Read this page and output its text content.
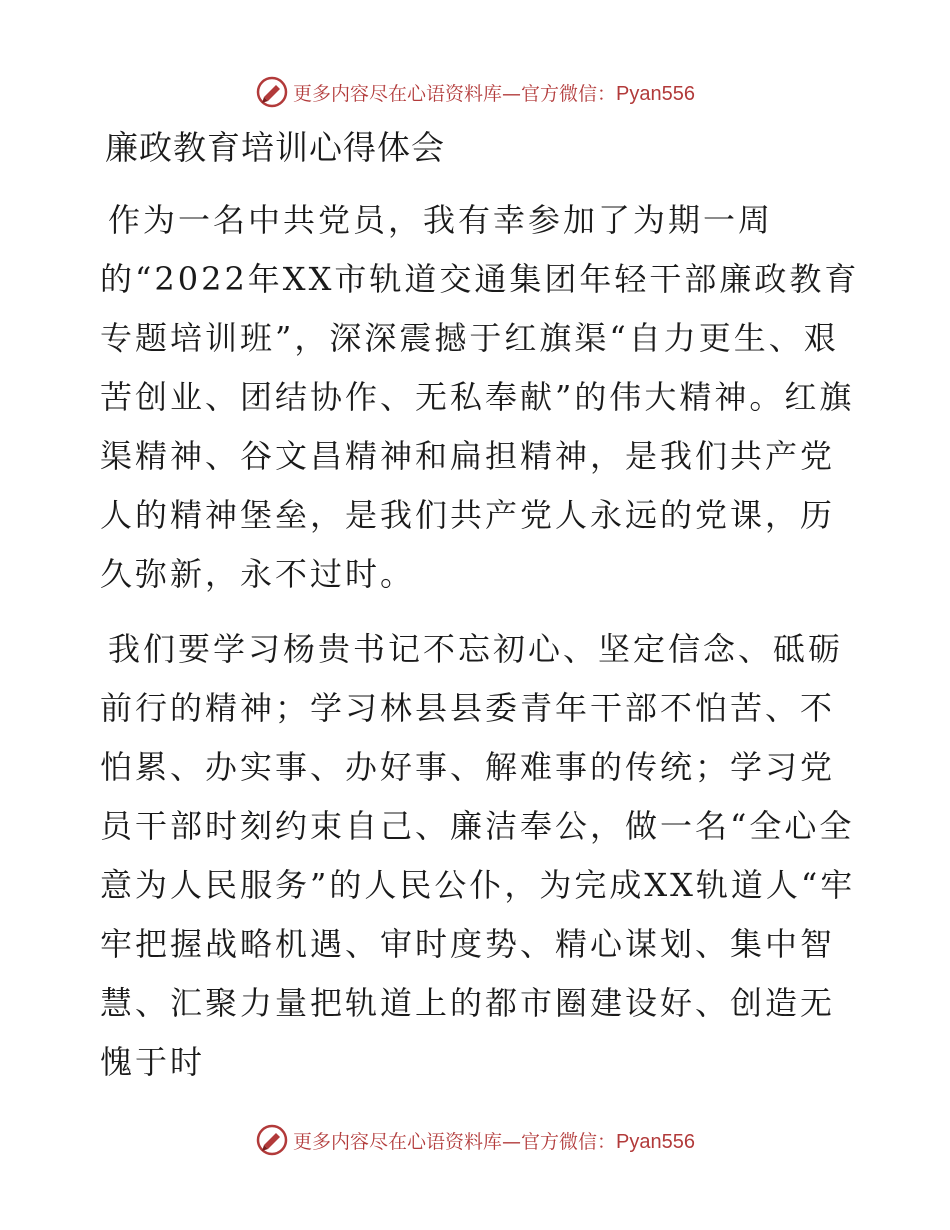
更多内容尽在心语资料库—官方微信：Pyan556
廉政教育培训心得体会

作为一名中共党员，我有幸参加了为期一周的“2022年XX市轨道交通集团年轻干部廉政教育专题培训班”，深深震撼于红旗渠“自力更生、艰苦创业、团结协作、无私奉献”的伟大精神。红旗渠精神、谷文昌精神和扁担精神，是我们共产党人的精神堡垒，是我们共产党人永远的党课，历久弥新，永不过时。

我们要学习杨贵书记不忘初心、坚定信念、砥砺前行的精神；学习林县县委青年干部不怕苦、不怕累、办实事、办好事、解难事的传统；学习党员干部时刻约束自己、廉洁奉公，做一名“全心全意为人民服务”的人民公仆，为完成XX轨道人“牢牢把握战略机遇、审时度势、精心谋划、集中智慧、汇聚力量把轨道上的都市圈建设好、创造无愧于时

更多内容尽在心语资料库—官方微信：Pyan556
